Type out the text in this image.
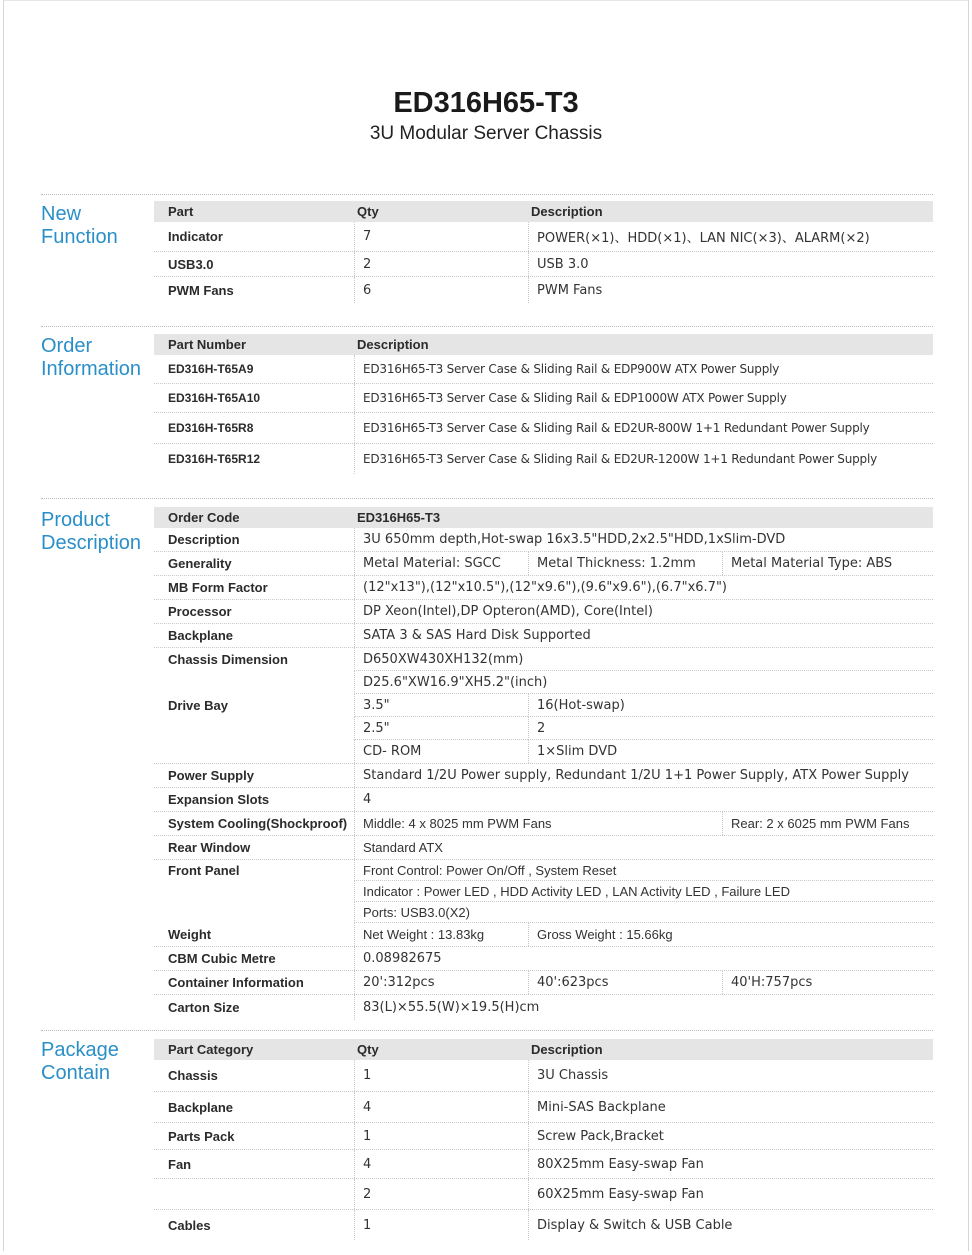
ED316H65-T3
3U Modular Server Chassis
New
Function
Part	Qty	Description
Indicator	7	POWER(×1)、HDD(×1)、LAN NIC(×3)、ALARM(×2)
USB3.0	2	USB 3.0
PWM Fans	6	PWM Fans
Order
Information
Part Number	Description
ED316H-T65A9	ED316H65-T3 Server Case & Sliding Rail & EDP900W ATX Power Supply
ED316H-T65A10	ED316H65-T3 Server Case & Sliding Rail & EDP1000W ATX Power Supply
ED316H-T65R8	ED316H65-T3 Server Case & Sliding Rail & ED2UR-800W 1+1 Redundant Power Supply
ED316H-T65R12	ED316H65-T3 Server Case & Sliding Rail & ED2UR-1200W 1+1 Redundant Power Supply
Product
Description
Order Code	ED316H65-T3
Description	3U 650mm depth,Hot-swap 16x3.5"HDD,2x2.5"HDD,1xSlim-DVD
Generality	Metal Material: SGCC	Metal Thickness: 1.2mm	Metal Material Type: ABS
MB Form Factor	(12"x13"),(12"x10.5"),(12"x9.6"),(9.6"x9.6"),(6.7"x6.7")
Processor	DP Xeon(Intel),DP Opteron(AMD), Core(Intel)
Backplane	SATA 3 & SAS Hard Disk Supported
Chassis Dimension	D650XW430XH132(mm)
D25.6"XW16.9"XH5.2"(inch)
Drive Bay	3.5"	16(Hot-swap)
2.5"	2
CD- ROM	1×Slim DVD
Power Supply	Standard 1/2U Power supply, Redundant 1/2U 1+1 Power Supply, ATX Power Supply
Expansion Slots	4
System Cooling(Shockproof)	Middle: 4 x 8025 mm PWM Fans	Rear: 2 x 6025 mm PWM Fans
Rear Window	Standard ATX
Front Panel	Front Control: Power On/Off , System Reset
Indicator : Power LED , HDD Activity LED , LAN Activity LED , Failure LED
Ports: USB3.0(X2)
Weight	Net Weight : 13.83kg	Gross Weight : 15.66kg
CBM Cubic Metre	0.08982675
Container Information	20':312pcs	40':623pcs	40'H:757pcs
Carton Size	83(L)×55.5(W)×19.5(H)cm
Package
Contain
Part Category	Qty	Description
Chassis	1	3U Chassis
Backplane	4	Mini-SAS Backplane
Parts Pack	1	Screw Pack,Bracket
Fan	4	80X25mm Easy-swap Fan
2	60X25mm Easy-swap Fan
Cables	1	Display & Switch & USB Cable
